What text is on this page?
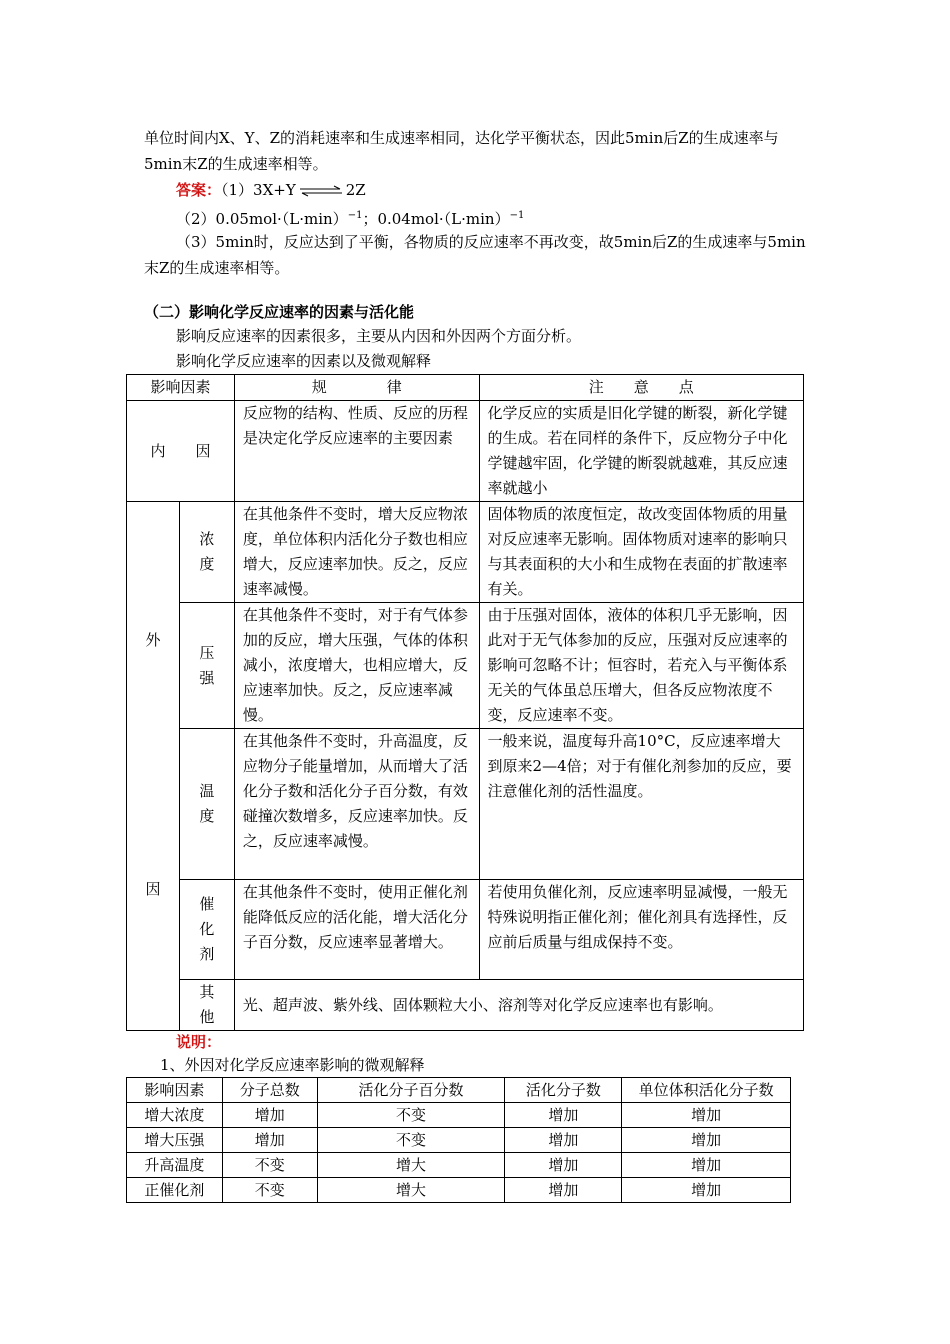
单位时间内X、Y、Z的消耗速率和生成速率相同，达化学平衡状态，因此5min后Z的生成速率与5min末Z的生成速率相等。
答案：（1）3X+Y ⇌ 2Z
$(2)0.05mol\cdot(L\cdot\min)^{-1}$；$0.04mol\cdot(L\cdot\min)^{-1}$
（3）5min时，反应达到了平衡，各物质的反应速率不再改变，故5min后Z的生成速率与5min末Z的生成速率相等。
（二）影响化学反应速率的因素与活化能
影响反应速率的因素很多，主要从内因和外因两个方面分析。
影响化学反应速率的因素以及微观解释
影响因素		规　　　　律	注　　意　　点
内　　因		反应物的结构、性质、反应的历程是决定化学反应速率的主要因素	化学反应的实质是旧化学键的断裂，新化学键的生成。若在同样的条件下，反应物分子中化学键越牢固，化学键的断裂就越难，其反应速率就越小

外
因	浓度	在其他条件不变时，增大反应物浓度，单位体积内活化分子数也相应增大，反应速率加快。反之，反应速率减慢。	固体物质的浓度恒定，故改变固体物质的用量对反应速率无影响。固体物质对速率的影响只与其表面积的大小和生成物在表面的扩散速率有关。
	压强	在其他条件不变时，对于有气体参加的反应，增大压强，气体的体积减小，浓度增大，也相应增大，反应速率加快。反之，反应速率减慢。	由于压强对固体，液体的体积几乎无影响，因此对于无气体参加的反应，压强对反应速率的影响可忽略不计；恒容时，若充入与平衡体系无关的气体虽总压增大，但各反应物浓度不变，反应速率不变。
	温度	在其他条件不变时，升高温度，反应物分子能量增加，从而增大了活化分子数和活化分子百分数，有效碰撞次数增多，反应速率加快。反之，反应速率减慢。	一般来说，温度每升高10°C，反应速率增大到原来2—4倍；对于有催化剂参加的反应，要注意催化剂的活性温度。
	催化剂	在其他条件不变时，使用正催化剂能降低反应的活化能，增大活化分子百分数，反应速率显著增大。	若使用负催化剂，反应速率明显减慢，一般无特殊说明指正催化剂；催化剂具有选择性，反应前后质量与组成保持不变。
	其他	光、超声波、紫外线、固体颗粒大小、溶剂等对化学反应速率也有影响。	
说明：
1、外因对化学反应速率影响的微观解释
影响因素	分子总数	活化分子百分数	活化分子数	单位体积活化分子数
增大浓度	增加	不变	增加	增加
增大压强	增加	不变	增加	增加
升高温度	不变	增大	增加	增加
正催化剂	不变	增大	增加	增加
